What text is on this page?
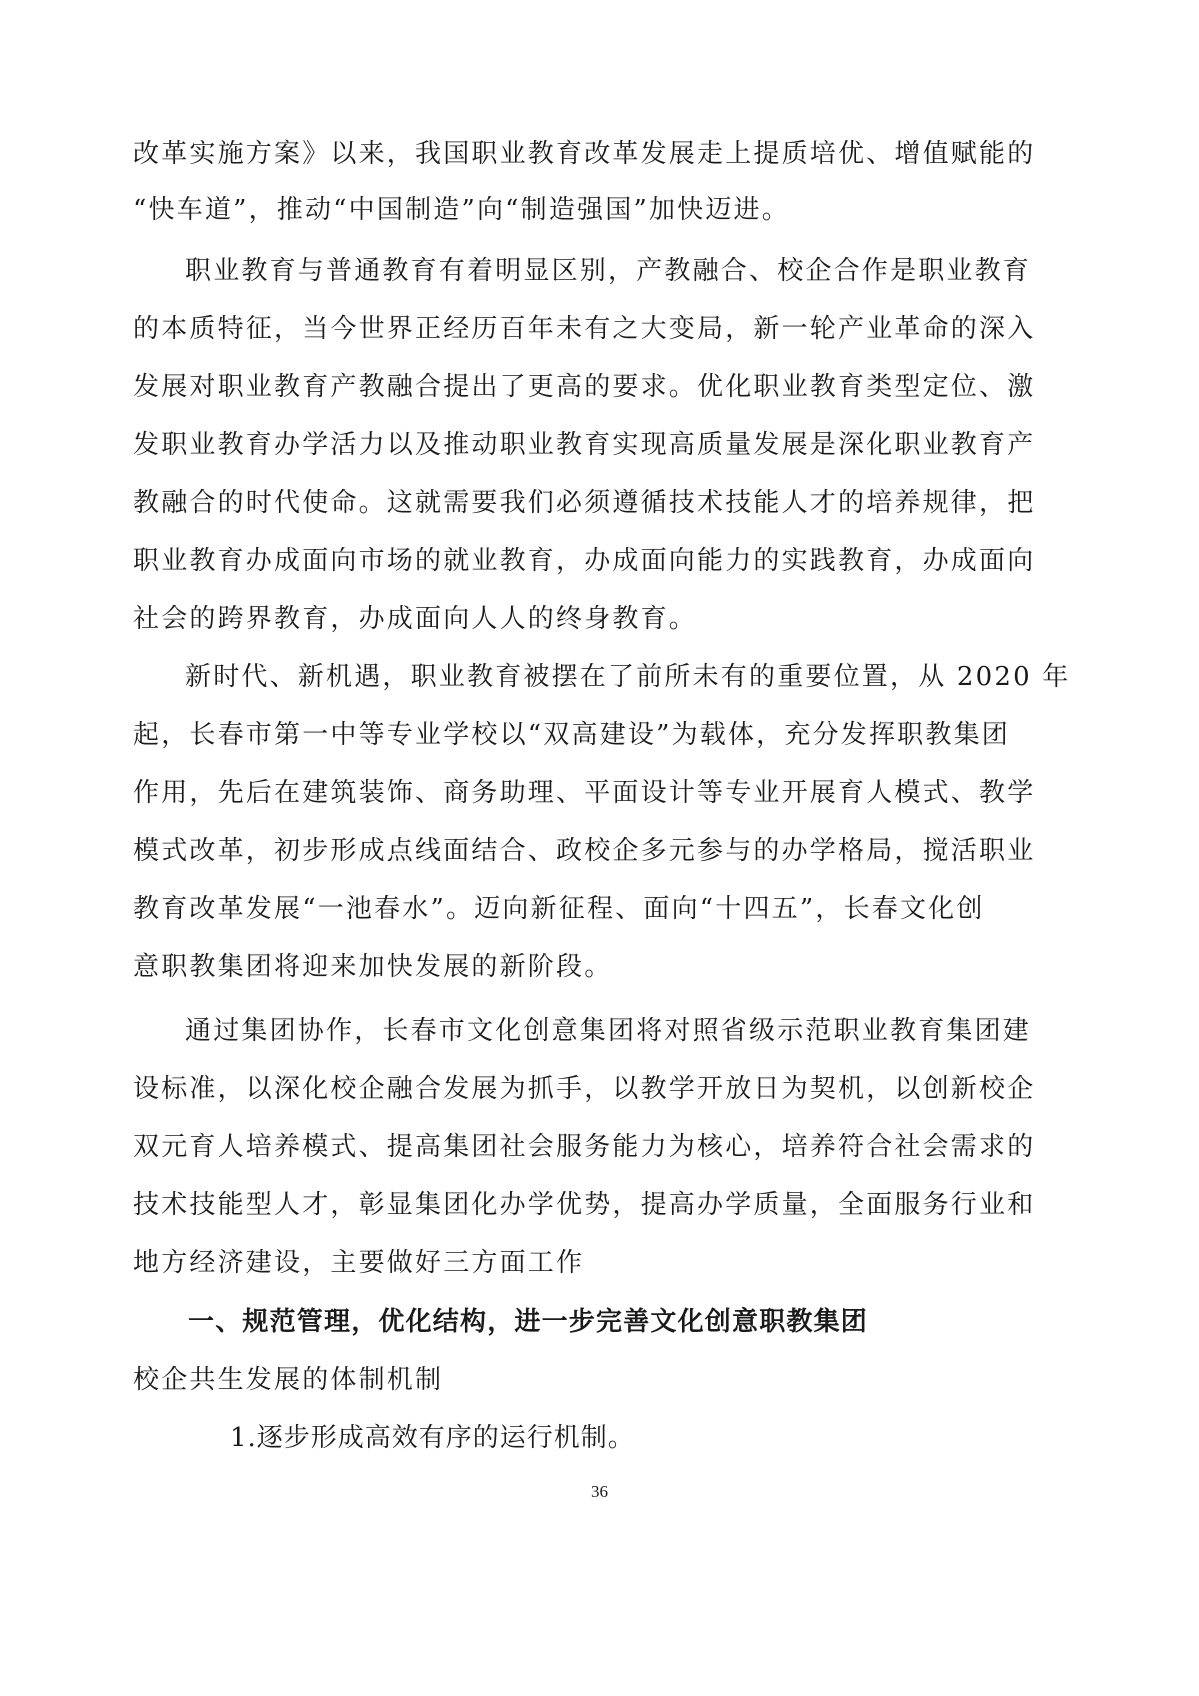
改革实施方案》以来，我国职业教育改革发展走上提质培优、增值赋能的
“快车道”，推动“中国制造”向“制造强国”加快迈进。
职业教育与普通教育有着明显区别，产教融合、校企合作是职业教育
的本质特征，当今世界正经历百年未有之大变局，新一轮产业革命的深入
发展对职业教育产教融合提出了更高的要求。优化职业教育类型定位、激
发职业教育办学活力以及推动职业教育实现高质量发展是深化职业教育产
教融合的时代使命。这就需要我们必须遵循技术技能人才的培养规律，把
职业教育办成面向市场的就业教育，办成面向能力的实践教育，办成面向
社会的跨界教育，办成面向人人的终身教育。
新时代、新机遇，职业教育被摆在了前所未有的重要位置，从 2020 年
起，长春市第一中等专业学校以“双高建设”为载体，充分发挥职教集团
作用，先后在建筑装饰、商务助理、平面设计等专业开展育人模式、教学
模式改革，初步形成点线面结合、政校企多元参与的办学格局，搅活职业
教育改革发展“一池春水”。迈向新征程、面向“十四五”，长春文化创
意职教集团将迎来加快发展的新阶段。
通过集团协作，长春市文化创意集团将对照省级示范职业教育集团建
设标准，以深化校企融合发展为抓手，以教学开放日为契机，以创新校企
双元育人培养模式、提高集团社会服务能力为核心，培养符合社会需求的
技术技能型人才，彰显集团化办学优势，提高办学质量，全面服务行业和
地方经济建设，主要做好三方面工作
一、规范管理，优化结构，进一步完善文化创意职教集团
校企共生发展的体制机制
1.逐步形成高效有序的运行机制。
36
